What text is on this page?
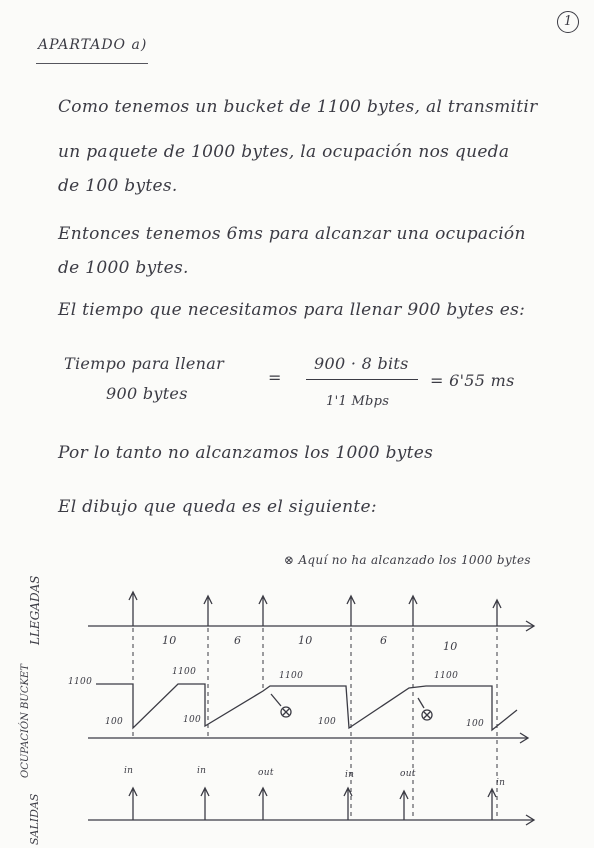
1
APARTADO a)
Como tenemos un bucket de 1100 bytes, al transmitir
un paquete de 1000 bytes, la ocupación nos queda
de 100 bytes.
Entonces tenemos 6ms para alcanzar una ocupación
de 1000 bytes.
El tiempo que necesitamos para llenar 900 bytes es:
Tiempo para llenar
900 bytes
=
900 · 8 bits
1'1 Mbps
= 6'55 ms
Por lo tanto no alcanzamos los 1000 bytes
El dibujo que queda es el siguiente:
⊗ Aquí no ha alcanzado los 1000 bytes
LLEGADAS
OCUPACIÓN BUCKET
SALIDAS
10	6	10	6	10
1100
1100	1100	1100
100	100	100	100
in	in	out	in	out
in
